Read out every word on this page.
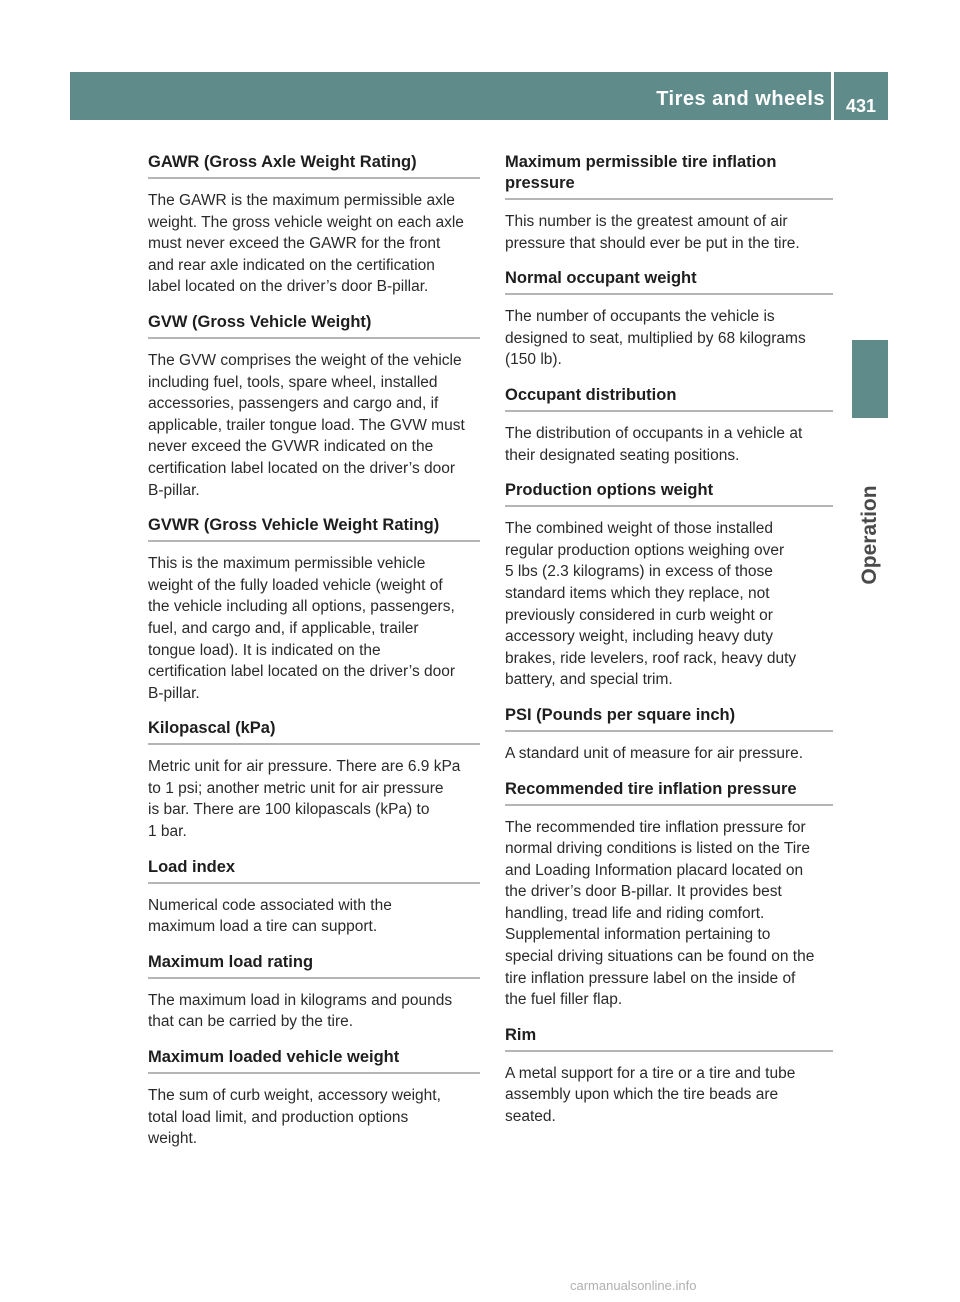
Tires and wheels	431
Operation
GAWR (Gross Axle Weight Rating)
The GAWR is the maximum permissible axle
weight. The gross vehicle weight on each axle
must never exceed the GAWR for the front
and rear axle indicated on the certification
label located on the driver’s door B-pillar.
GVW (Gross Vehicle Weight)
The GVW comprises the weight of the vehicle
including fuel, tools, spare wheel, installed
accessories, passengers and cargo and, if
applicable, trailer tongue load. The GVW must
never exceed the GVWR indicated on the
certification label located on the driver’s door
B-pillar.
GVWR (Gross Vehicle Weight Rating)
This is the maximum permissible vehicle
weight of the fully loaded vehicle (weight of
the vehicle including all options, passengers,
fuel, and cargo and, if applicable, trailer
tongue load). It is indicated on the
certification label located on the driver’s door
B-pillar.
Kilopascal (kPa)
Metric unit for air pressure. There are 6.9 kPa
to 1 psi; another metric unit for air pressure
is bar. There are 100 kilopascals (kPa) to
1 bar.
Load index
Numerical code associated with the
maximum load a tire can support.
Maximum load rating
The maximum load in kilograms and pounds
that can be carried by the tire.
Maximum loaded vehicle weight
The sum of curb weight, accessory weight,
total load limit, and production options
weight.
Maximum permissible tire inflation
pressure
This number is the greatest amount of air
pressure that should ever be put in the tire.
Normal occupant weight
The number of occupants the vehicle is
designed to seat, multiplied by 68 kilograms
(150 lb).
Occupant distribution
The distribution of occupants in a vehicle at
their designated seating positions.
Production options weight
The combined weight of those installed
regular production options weighing over
5 lbs (2.3 kilograms) in excess of those
standard items which they replace, not
previously considered in curb weight or
accessory weight, including heavy duty
brakes, ride levelers, roof rack, heavy duty
battery, and special trim.
PSI (Pounds per square inch)
A standard unit of measure for air pressure.
Recommended tire inflation pressure
The recommended tire inflation pressure for
normal driving conditions is listed on the Tire
and Loading Information placard located on
the driver’s door B-pillar. It provides best
handling, tread life and riding comfort.
Supplemental information pertaining to
special driving situations can be found on the
tire inflation pressure label on the inside of
the fuel filler flap.
Rim
A metal support for a tire or a tire and tube
assembly upon which the tire beads are
seated.
carmanualsonline.info
